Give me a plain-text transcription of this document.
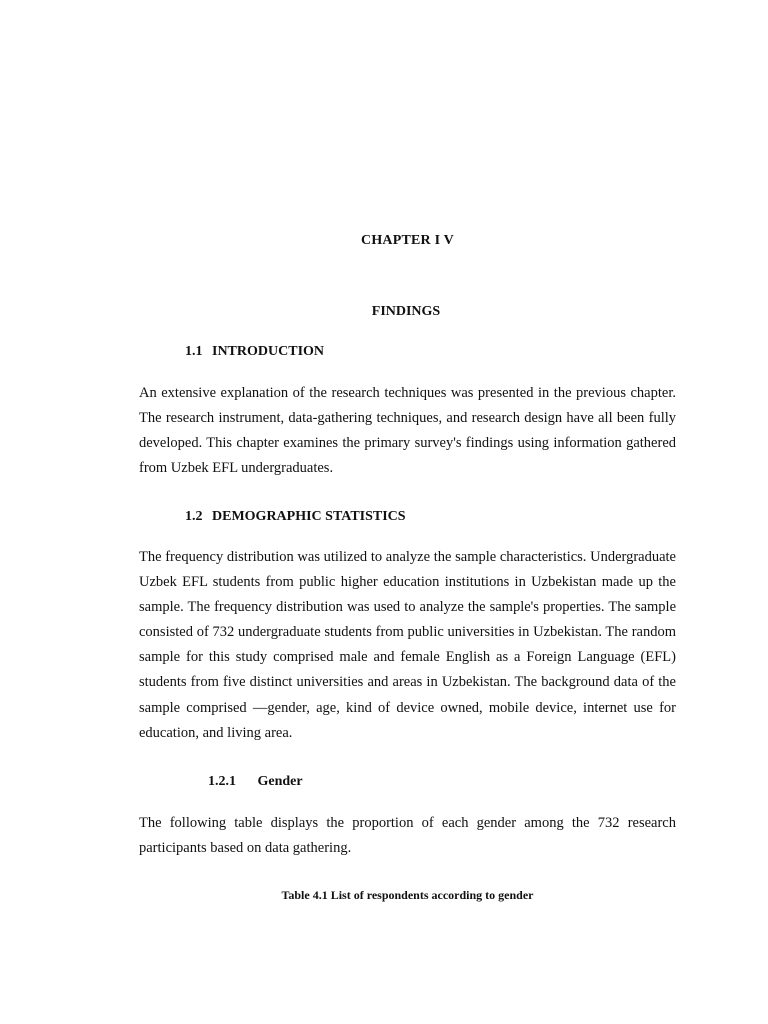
CHAPTER I V
FINDINGS
1.1 INTRODUCTION
An extensive explanation of the research techniques was presented in the previous chapter. The research instrument, data-gathering techniques, and research design have all been fully developed. This chapter examines the primary survey's findings using information gathered from Uzbek EFL undergraduates.
1.2 DEMOGRAPHIC STATISTICS
The frequency distribution was utilized to analyze the sample characteristics. Undergraduate Uzbek EFL students from public higher education institutions in Uzbekistan made up the sample. The frequency distribution was used to analyze the sample's properties. The sample consisted of 732 undergraduate students from public universities in Uzbekistan. The random sample for this study comprised male and female English as a Foreign Language (EFL) students from five distinct universities and areas in Uzbekistan. The background data of the sample comprised —gender, age, kind of device owned, mobile device, internet use for education, and living area.
1.2.1 Gender
The following table displays the proportion of each gender among the 732 research participants based on data gathering.
Table 4.1 List of respondents according to gender
